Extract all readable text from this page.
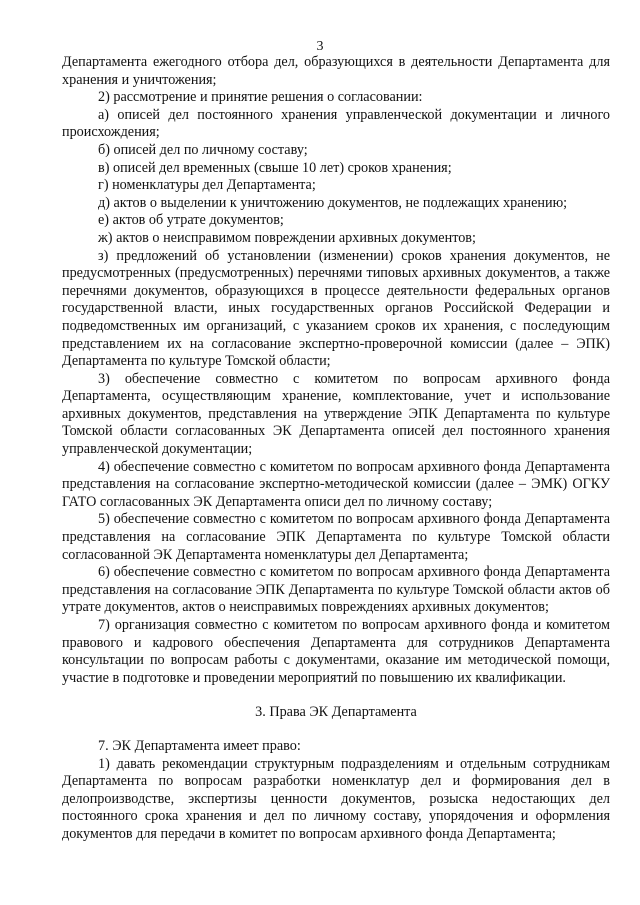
3

Департамента ежегодного отбора дел, образующихся в деятельности Департамента для хранения и уничтожения;

2) рассмотрение и принятие решения о согласовании:

а) описей дел постоянного хранения управленческой документации и личного происхождения;

б) описей дел по личному составу;

в) описей дел временных (свыше 10 лет) сроков хранения;

г) номенклатуры дел Департамента;

д) актов о выделении к уничтожению документов, не подлежащих хранению;

е) актов об утрате документов;

ж) актов о неисправимом повреждении архивных документов;

з) предложений об установлении (изменении) сроков хранения документов, не предусмотренных (предусмотренных) перечнями типовых архивных документов, а также перечнями документов, образующихся в процессе деятельности федеральных органов государственной власти, иных государственных органов Российской Федерации и подведомственных им организаций, с указанием сроков их хранения, с последующим представлением их на согласование экспертно-проверочной комиссии (далее – ЭПК) Департамента по культуре Томской области;

3) обеспечение совместно с комитетом по вопросам архивного фонда Департамента, осуществляющим хранение, комплектование, учет и использование архивных документов, представления на утверждение ЭПК Департамента по культуре Томской области согласованных ЭК Департамента описей дел постоянного хранения управленческой документации;

4) обеспечение совместно с комитетом по вопросам архивного фонда Департамента представления на согласование экспертно-методической комиссии (далее – ЭМК) ОГКУ ГАТО согласованных ЭК Департамента описи дел по личному составу;

5) обеспечение совместно с комитетом по вопросам архивного фонда Департамента представления на согласование ЭПК Департамента по культуре Томской области согласованной ЭК Департамента номенклатуры дел Департамента;

6) обеспечение совместно с комитетом по вопросам архивного фонда Департамента представления на согласование ЭПК Департамента по культуре Томской области актов об утрате документов, актов о неисправимых повреждениях архивных документов;

7) организация совместно с комитетом по вопросам архивного фонда и комитетом правового и кадрового обеспечения Департамента для сотрудников Департамента консультации по вопросам работы с документами, оказание им методической помощи, участие в подготовке и проведении мероприятий по повышению их квалификации.

3. Права ЭК Департамента

7. ЭК Департамента имеет право:

1) давать рекомендации структурным подразделениям и отдельным сотрудникам Департамента по вопросам разработки номенклатур дел и формирования дел в делопроизводстве, экспертизы ценности документов, розыска недостающих дел постоянного срока хранения и дел по личному составу, упорядочения и оформления документов для передачи в комитет по вопросам архивного фонда Департамента;
